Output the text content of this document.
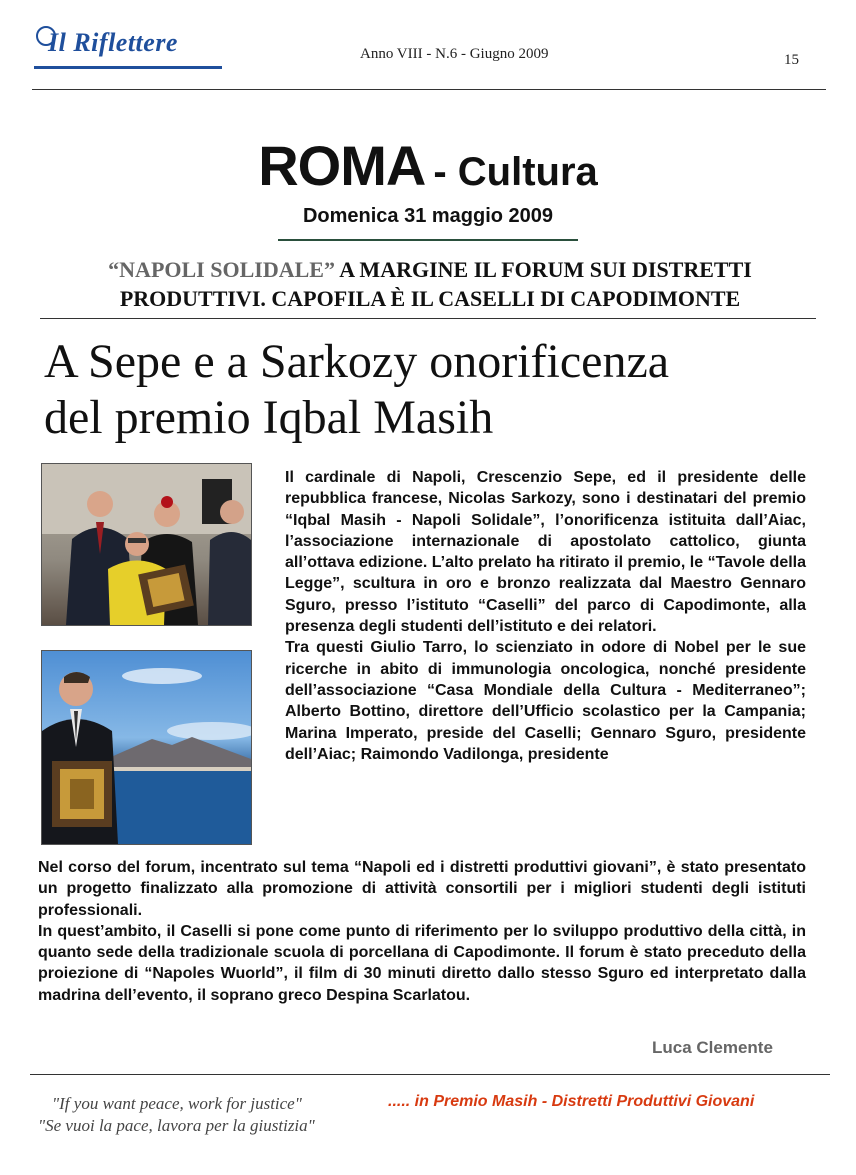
Il Riflettere	Anno VIII - N.6 - Giugno 2009	15
ROMA - Cultura
Domenica 31 maggio 2009
“NAPOLI SOLIDALE” A MARGINE IL FORUM SUI DISTRETTI
PRODUTTIVI. CAPOFILA È IL CASELLI DI CAPODIMONTE
A Sepe e a Sarkozy onorificenza
del premio Iqbal Masih

Il cardinale di Napoli, Crescenzio Sepe, ed il presidente delle repubblica francese, Nicolas Sarkozy, sono i destinatari del premio “Iqbal Masih - Napoli Solidale”, l’onorificenza istituita dall’Aiac, l’associazione internazionale di apostolato cattolico, giunta all’ottava edizione. L’alto prelato ha ritirato il premio, le “Tavole della Legge”, scultura in oro e bronzo realizzata dal Maestro Gennaro Sguro, presso l’istituto “Caselli” del parco di Capodimonte, alla presenza degli studenti dell’istituto e dei relatori.

Tra questi Giulio Tarro, lo scienziato in odore di Nobel per le sue ricerche in abito di immunologia oncologica, nonché presidente dell’associazione “Casa Mondiale della Cultura - Mediterraneo”; Alberto Bottino, direttore dell’Ufficio scolastico per la Campania; Marina Imperato, preside del Caselli; Gennaro Sguro, presidente dell’Aiac; Raimondo Vadilonga, presidente

Nel corso del forum, incentrato sul tema “Napoli ed i distretti produttivi giovani”, è stato presentato un progetto finalizzato alla promozione di attività consortili per i migliori studenti degli istituti professionali.

In quest’ambito, il Caselli si pone come punto di riferimento per lo sviluppo produttivo della città, in quanto sede della tradizionale scuola di porcellana di Capodimonte. Il forum è stato preceduto della proiezione di “Napoles Wuorld”, il film di 30 minuti diretto dallo stesso Sguro ed interpretato dalla madrina dell’evento, il soprano greco Despina Scarlatou.

Luca Clemente
"If you want peace, work for justice"
"Se vuoi la pace, lavora per la giustizia"
..... in Premio Masih - Distretti Produttivi Giovani
